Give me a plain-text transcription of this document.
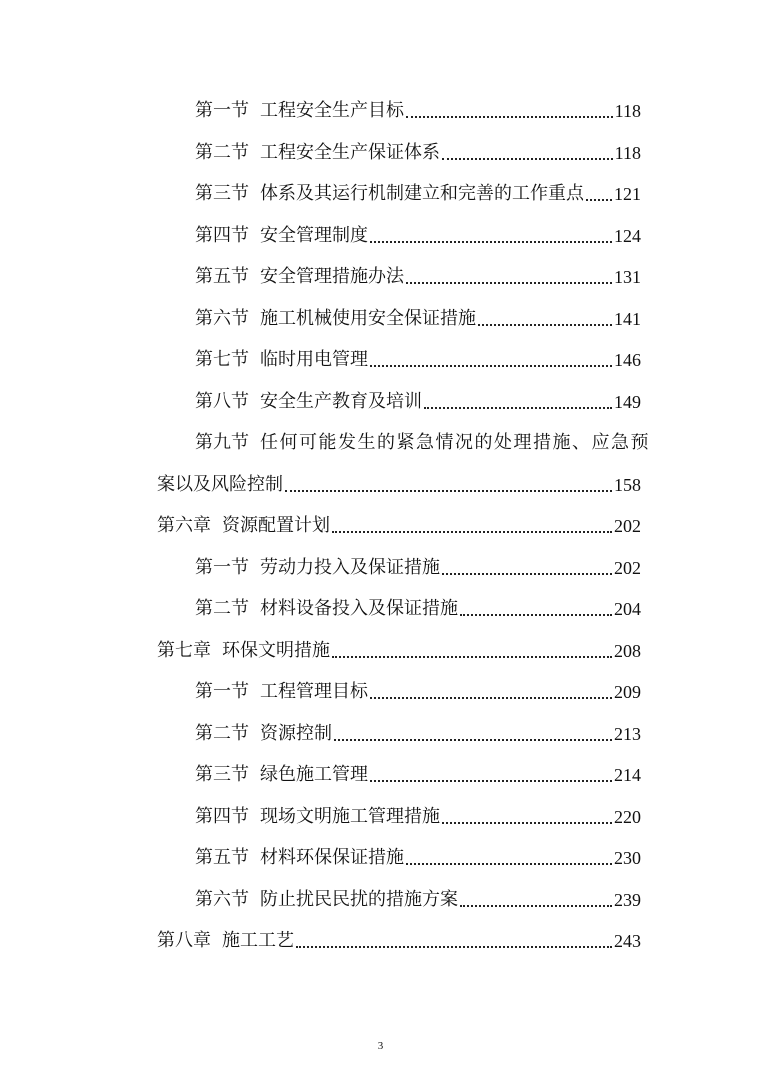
第一节 工程安全生产目标	118
第二节 工程安全生产保证体系	118
第三节 体系及其运行机制建立和完善的工作重点 121
第四节 安全管理制度	124
第五节 安全管理措施办法	131
第六节 施工机械使用安全保证措施	141
第七节 临时用电管理	146
第八节 安全生产教育及培训	149
第九节 任何可能发生的紧急情况的处理措施、应急预
案以及风险控制	158
第六章 资源配置计划	202
第一节 劳动力投入及保证措施	202
第二节 材料设备投入及保证措施	204
第七章 环保文明措施	208
第一节 工程管理目标	209
第二节 资源控制	213
第三节 绿色施工管理	214
第四节 现场文明施工管理措施	220
第五节 材料环保保证措施	230
第六节 防止扰民民扰的措施方案	239
第八章 施工工艺	243
3
